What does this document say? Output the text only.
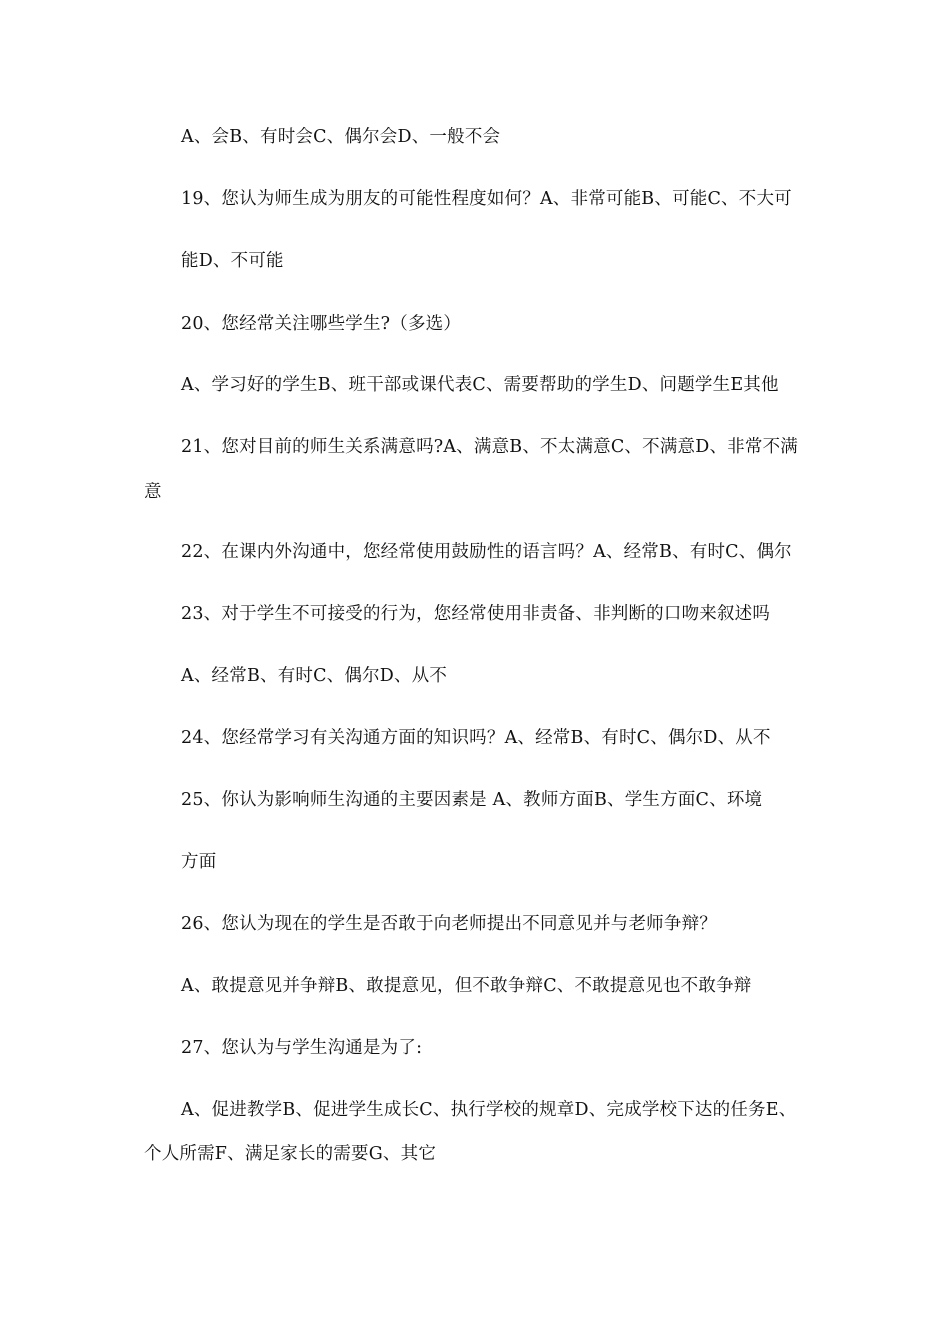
A、会B、有时会C、偶尔会D、一般不会
19、您认为师生成为朋友的可能性程度如何？A、非常可能B、可能C、不大可
能D、不可能
20、您经常关注哪些学生?（多选）
A、学习好的学生B、班干部或课代表C、需要帮助的学生D、问题学生E其他
21、您对目前的师生关系满意吗?A、满意B、不太满意C、不满意D、非常不满
意
22、在课内外沟通中，您经常使用鼓励性的语言吗？A、经常B、有时C、偶尔
23、对于学生不可接受的行为，您经常使用非责备、非判断的口吻来叙述吗
A、经常B、有时C、偶尔D、从不
24、您经常学习有关沟通方面的知识吗？A、经常B、有时C、偶尔D、从不
25、你认为影响师生沟通的主要因素是 A、教师方面B、学生方面C、环境
方面
26、您认为现在的学生是否敢于向老师提出不同意见并与老师争辩？
A、敢提意见并争辩B、敢提意见，但不敢争辩C、不敢提意见也不敢争辩
27、您认为与学生沟通是为了:
A、促进教学B、促进学生成长C、执行学校的规章D、完成学校下达的任务E、
个人所需F、满足家长的需要G、其它
